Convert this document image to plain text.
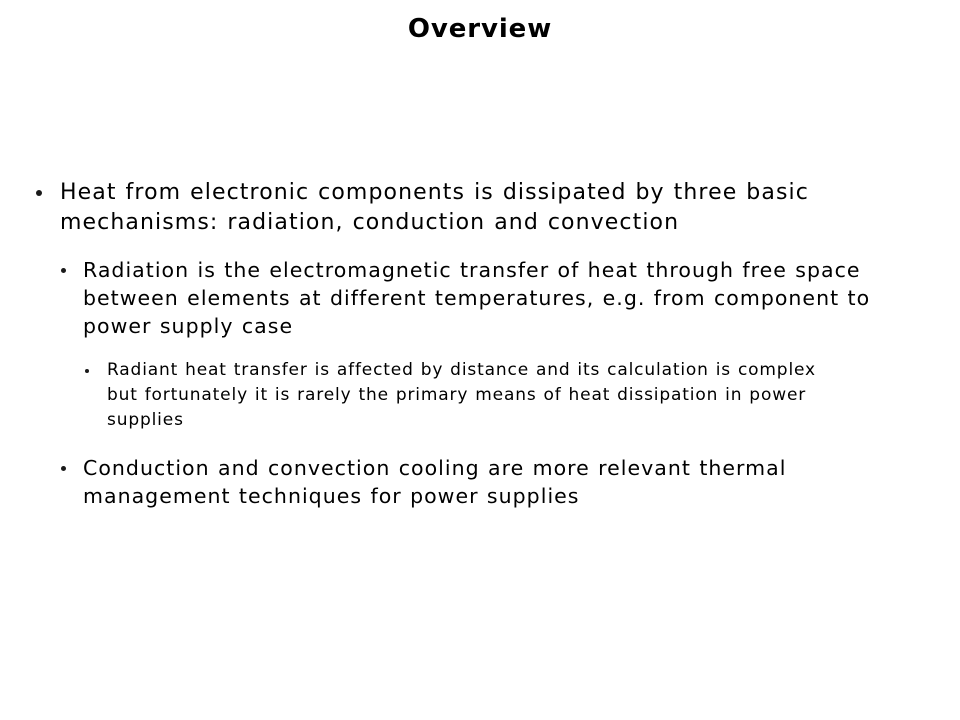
Overview
Heat from electronic components is dissipated by three basic
mechanisms: radiation, conduction and convection
Radiation is the electromagnetic transfer of heat through free space
between elements at different temperatures, e.g. from component to
power supply case
Radiant heat transfer is affected by distance and its calculation is complex
but fortunately it is rarely the primary means of heat dissipation in power
supplies
Conduction and convection cooling are more relevant thermal
management techniques for power supplies
